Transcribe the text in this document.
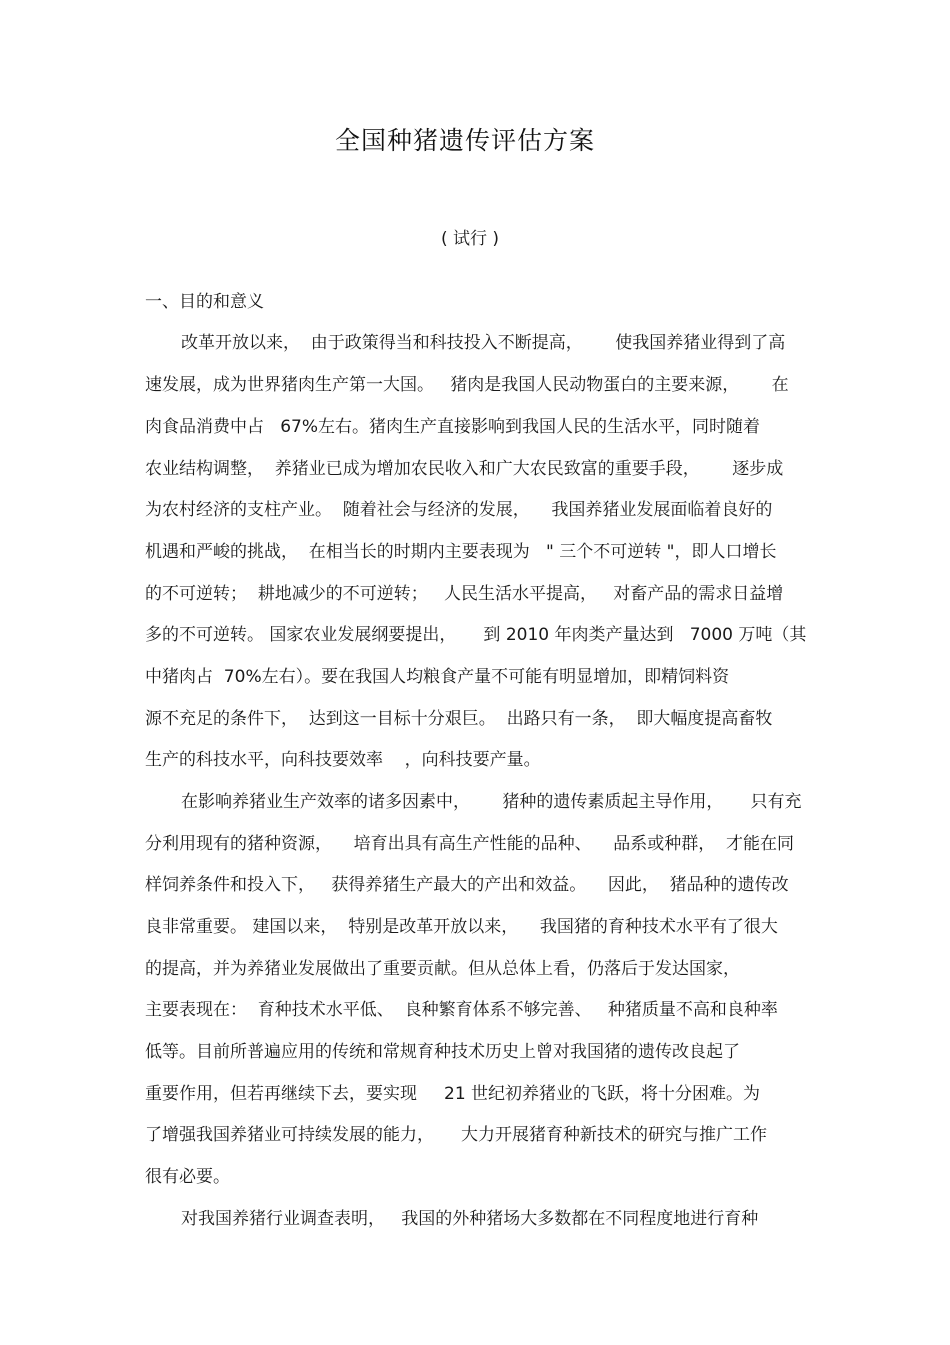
全国种猪遗传评估方案
( 试行 )
一、目的和意义
改革开放以来，  由于政策得当和科技投入不断提高，      使我国养猪业得到了高
速发展，成为世界猪肉生产第一大国。   猪肉是我国人民动物蛋白的主要来源，      在
肉食品消费中占   67%左右。猪肉生产直接影响到我国人民的生活水平，同时随着
农业结构调整，  养猪业已成为增加农民收入和广大农民致富的重要手段，      逐步成
为农村经济的支柱产业。  随着社会与经济的发展，    我国养猪业发展面临着良好的
机遇和严峻的挑战，  在相当长的时期内主要表现为   " 三个不可逆转 "，即人口增长
的不可逆转；  耕地减少的不可逆转；   人民生活水平提高，   对畜产品的需求日益增
多的不可逆转。 国家农业发展纲要提出，     到 2010 年肉类产量达到   7000 万吨（其
中猪肉占  70%左右）。要在我国人均粮食产量不可能有明显增加，即精饲料资
源不充足的条件下，  达到这一目标十分艰巨。  出路只有一条，  即大幅度提高畜牧
生产的科技水平，向科技要效率    ，向科技要产量。
在影响养猪业生产效率的诸多因素中，      猪种的遗传素质起主导作用，     只有充
分利用现有的猪种资源，    培育出具有高生产性能的品种、    品系或种群，  才能在同
样饲养条件和投入下，   获得养猪生产最大的产出和效益。    因此，  猪品种的遗传改
良非常重要。 建国以来，  特别是改革开放以来，    我国猪的育种技术水平有了很大
的提高，并为养猪业发展做出了重要贡献。但从总体上看，仍落后于发达国家，
主要表现在：  育种技术水平低、  良种繁育体系不够完善、   种猪质量不高和良种率
低等。目前所普遍应用的传统和常规育种技术历史上曾对我国猪的遗传改良起了
重要作用，但若再继续下去，要实现     21 世纪初养猪业的飞跃，将十分困难。为
了增强我国养猪业可持续发展的能力，     大力开展猪育种新技术的研究与推广工作
很有必要。
对我国养猪行业调查表明，   我国的外种猪场大多数都在不同程度地进行育种
